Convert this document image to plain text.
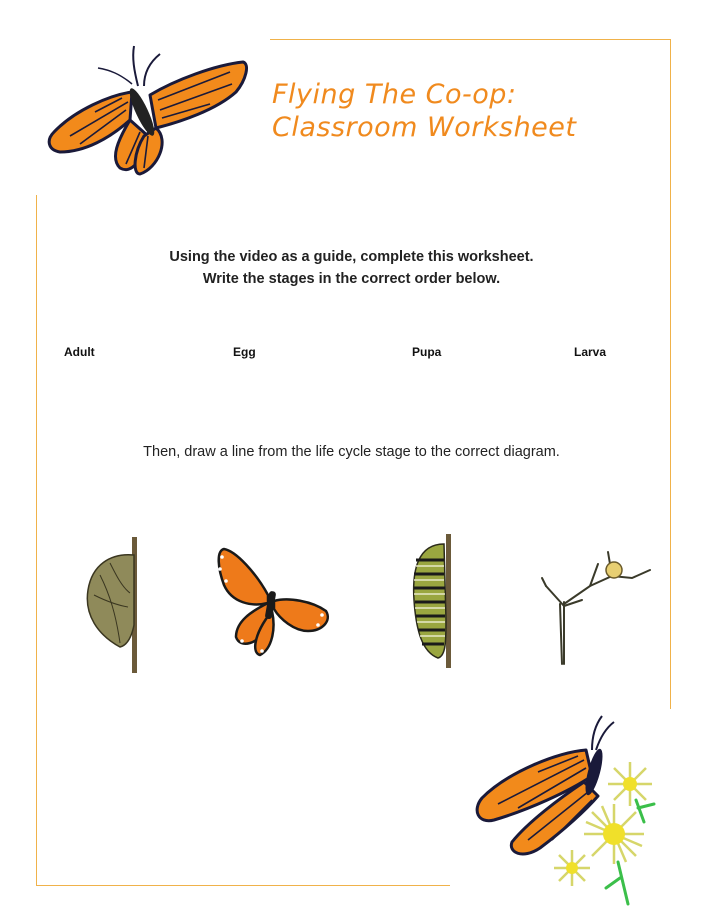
Flying The Co-op:
Classroom Worksheet
Using the video as a guide, complete this worksheet.
Write the stages in the correct order below.
Adult	Egg	Pupa	Larva
Then, draw a line from the life cycle stage to the correct diagram.
